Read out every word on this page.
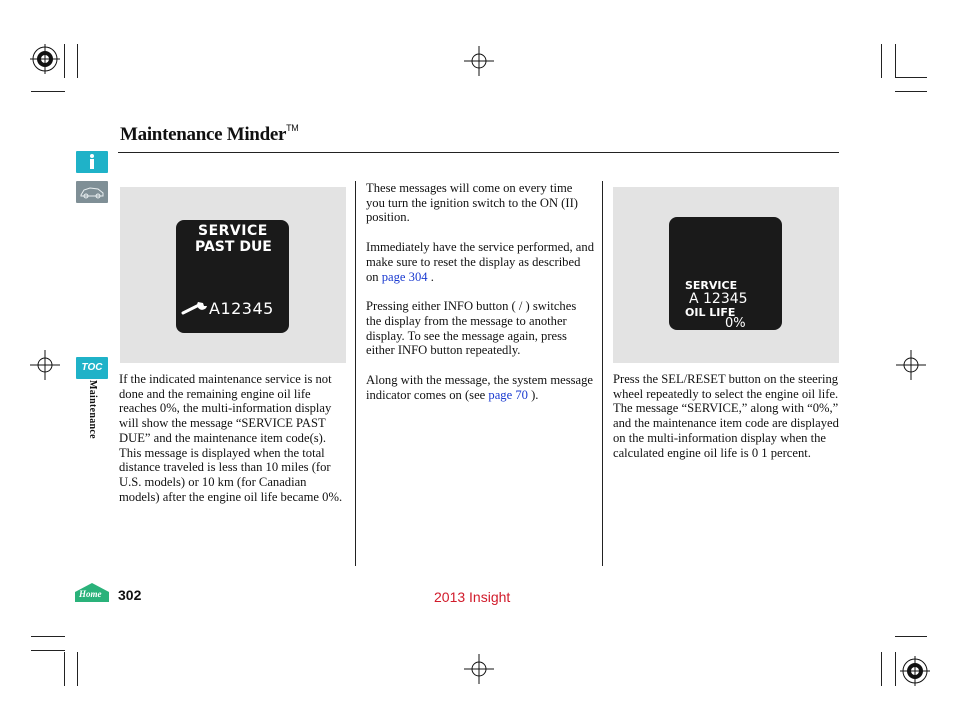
Maintenance Minder™
TOC
Maintenance
SERVICE
PAST DUE
A12345

If the indicated maintenance service is not done and the remaining engine oil life reaches 0%, the multi-information display will show the message “SERVICE PAST DUE” and the maintenance item code(s). This message is displayed when the total distance traveled is less than 10 miles (for U.S. models) or 10 km (for Canadian models) after the engine oil life became 0%.

These messages will come on every time you turn the ignition switch to the ON (II) position.

Immediately have the service performed, and make sure to reset the display as described on page 304 .

Pressing either INFO button ( / ) switches the display from the message to another display. To see the message again, press either INFO button repeatedly.

Along with the message, the system message indicator comes on (see page 70 ).

SERVICE
A 12345
OIL LIFE
0%

Press the SEL/RESET button on the steering wheel repeatedly to select the engine oil life. The message “SERVICE,” along with “0%,” and the maintenance item code are displayed on the multi-information display when the calculated engine oil life is 0 1 percent.

Home 302	2013 Insight
